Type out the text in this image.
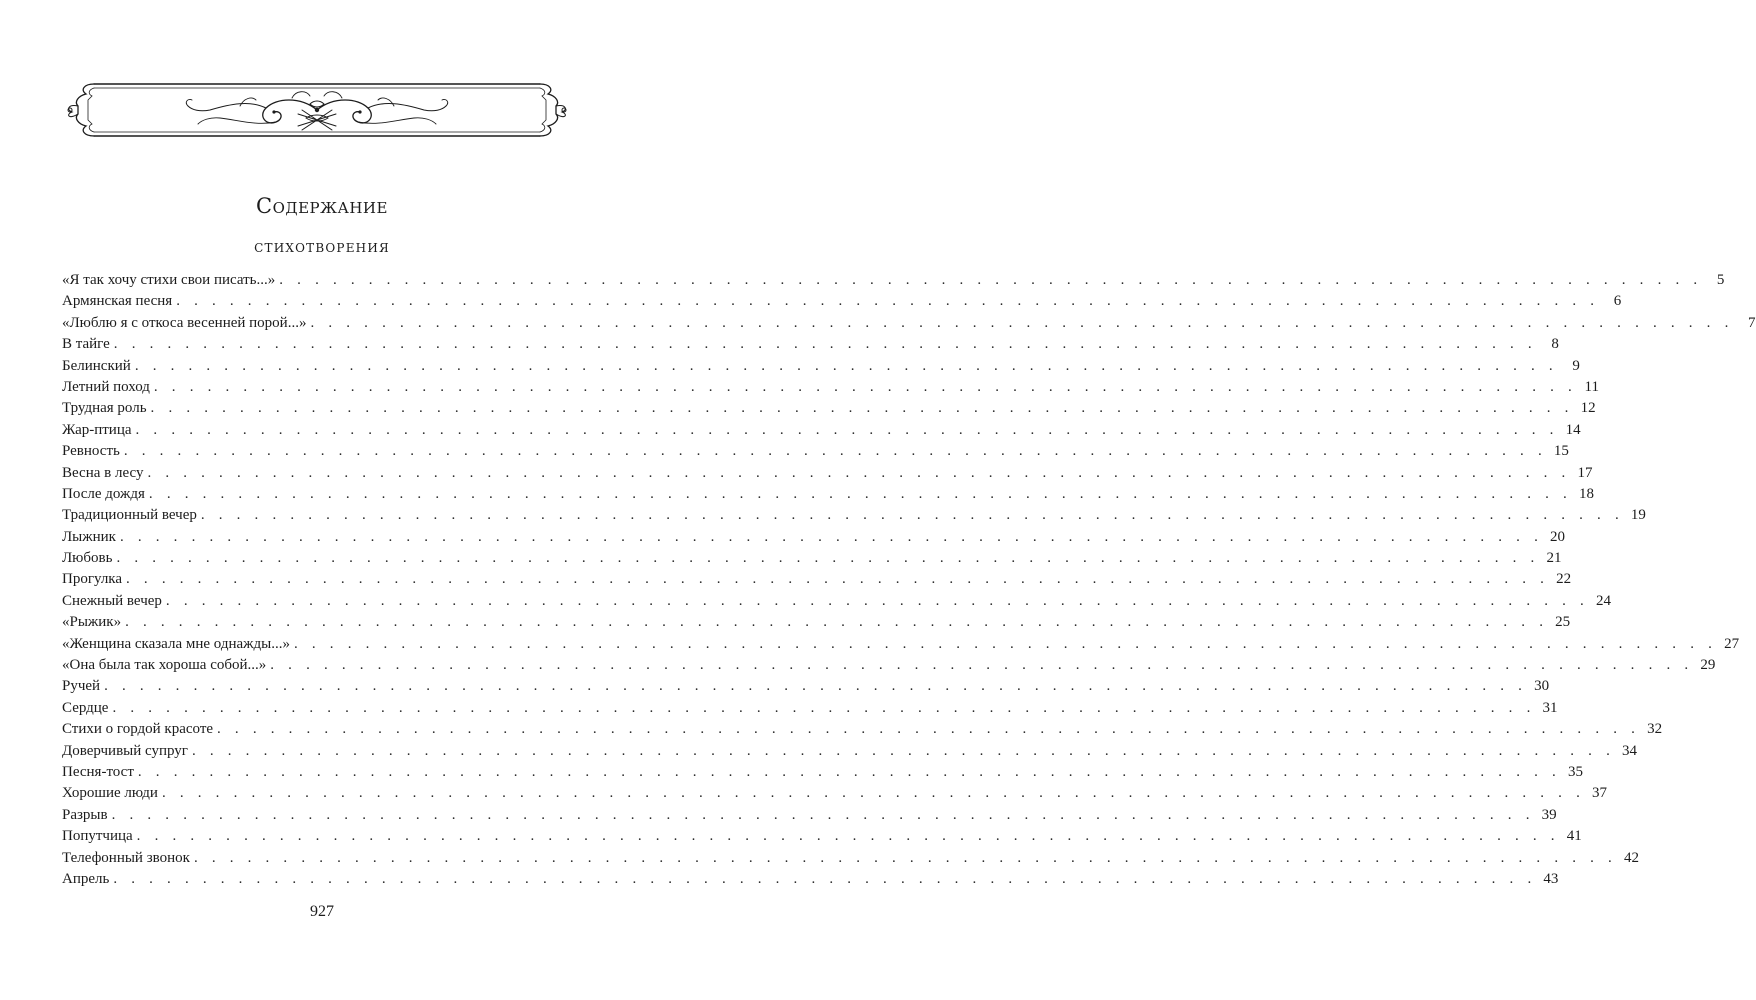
Содержание
стихотворения
«Я так хочу стихи свои писать...» . . . . . . . . . . . . . . . . . . . . . . . . . . . . . . . . . . . . . . . . . . . . . . . . . . . . . . . . . . . . . . . . . . . . . . . . . . . . . . . . 5
Армянская песня . . . . . . . . . . . . . . . . . . . . . . . . . . . . . . . . . . . . . . . . . . . . . . . . . . . . . . . . . . . . . . . . . . . . . . . . . . . . . . . . 6
«Люблю я с откоса весенней порой...» . . . . . . . . . . . . . . . . . . . . . . . . . . . . . . . . . . . . . . . . . . . . . . . . . . . . . . . . . . . . . . . . . . . . . . . . . . . . . . . . 7
В тайге . . . . . . . . . . . . . . . . . . . . . . . . . . . . . . . . . . . . . . . . . . . . . . . . . . . . . . . . . . . . . . . . . . . . . . . . . . . . . . . . 8
Белинский . . . . . . . . . . . . . . . . . . . . . . . . . . . . . . . . . . . . . . . . . . . . . . . . . . . . . . . . . . . . . . . . . . . . . . . . . . . . . . . . 9
Летний поход . . . . . . . . . . . . . . . . . . . . . . . . . . . . . . . . . . . . . . . . . . . . . . . . . . . . . . . . . . . . . . . . . . . . . . . . . . . . . . . . 11
Трудная роль . . . . . . . . . . . . . . . . . . . . . . . . . . . . . . . . . . . . . . . . . . . . . . . . . . . . . . . . . . . . . . . . . . . . . . . . . . . . . . . . 12
Жар-птица . . . . . . . . . . . . . . . . . . . . . . . . . . . . . . . . . . . . . . . . . . . . . . . . . . . . . . . . . . . . . . . . . . . . . . . . . . . . . . . . 14
Ревность . . . . . . . . . . . . . . . . . . . . . . . . . . . . . . . . . . . . . . . . . . . . . . . . . . . . . . . . . . . . . . . . . . . . . . . . . . . . . . . . 15
Весна в лесу . . . . . . . . . . . . . . . . . . . . . . . . . . . . . . . . . . . . . . . . . . . . . . . . . . . . . . . . . . . . . . . . . . . . . . . . . . . . . . . . 17
После дождя . . . . . . . . . . . . . . . . . . . . . . . . . . . . . . . . . . . . . . . . . . . . . . . . . . . . . . . . . . . . . . . . . . . . . . . . . . . . . . . . 18
Традиционный вечер . . . . . . . . . . . . . . . . . . . . . . . . . . . . . . . . . . . . . . . . . . . . . . . . . . . . . . . . . . . . . . . . . . . . . . . . . . . . . . . . 19
Лыжник . . . . . . . . . . . . . . . . . . . . . . . . . . . . . . . . . . . . . . . . . . . . . . . . . . . . . . . . . . . . . . . . . . . . . . . . . . . . . . . . 20
Любовь . . . . . . . . . . . . . . . . . . . . . . . . . . . . . . . . . . . . . . . . . . . . . . . . . . . . . . . . . . . . . . . . . . . . . . . . . . . . . . . . 21
Прогулка . . . . . . . . . . . . . . . . . . . . . . . . . . . . . . . . . . . . . . . . . . . . . . . . . . . . . . . . . . . . . . . . . . . . . . . . . . . . . . . . 22
Снежный вечер . . . . . . . . . . . . . . . . . . . . . . . . . . . . . . . . . . . . . . . . . . . . . . . . . . . . . . . . . . . . . . . . . . . . . . . . . . . . . . . . 24
«Рыжик» . . . . . . . . . . . . . . . . . . . . . . . . . . . . . . . . . . . . . . . . . . . . . . . . . . . . . . . . . . . . . . . . . . . . . . . . . . . . . . . . 25
«Женщина сказала мне однажды...» . . . . . . . . . . . . . . . . . . . . . . . . . . . . . . . . . . . . . . . . . . . . . . . . . . . . . . . . . . . . . . . . . . . . . . . . . . . . . . . . 27
«Она была так хороша собой...» . . . . . . . . . . . . . . . . . . . . . . . . . . . . . . . . . . . . . . . . . . . . . . . . . . . . . . . . . . . . . . . . . . . . . . . . . . . . . . . . 29
Ручей . . . . . . . . . . . . . . . . . . . . . . . . . . . . . . . . . . . . . . . . . . . . . . . . . . . . . . . . . . . . . . . . . . . . . . . . . . . . . . . . 30
Сердце . . . . . . . . . . . . . . . . . . . . . . . . . . . . . . . . . . . . . . . . . . . . . . . . . . . . . . . . . . . . . . . . . . . . . . . . . . . . . . . . 31
Стихи о гордой красоте . . . . . . . . . . . . . . . . . . . . . . . . . . . . . . . . . . . . . . . . . . . . . . . . . . . . . . . . . . . . . . . . . . . . . . . . . . . . . . . . 32
Доверчивый супруг . . . . . . . . . . . . . . . . . . . . . . . . . . . . . . . . . . . . . . . . . . . . . . . . . . . . . . . . . . . . . . . . . . . . . . . . . . . . . . . . 34
Песня-тост . . . . . . . . . . . . . . . . . . . . . . . . . . . . . . . . . . . . . . . . . . . . . . . . . . . . . . . . . . . . . . . . . . . . . . . . . . . . . . . . 35
Хорошие люди . . . . . . . . . . . . . . . . . . . . . . . . . . . . . . . . . . . . . . . . . . . . . . . . . . . . . . . . . . . . . . . . . . . . . . . . . . . . . . . . 37
Разрыв . . . . . . . . . . . . . . . . . . . . . . . . . . . . . . . . . . . . . . . . . . . . . . . . . . . . . . . . . . . . . . . . . . . . . . . . . . . . . . . . 39
Попутчица . . . . . . . . . . . . . . . . . . . . . . . . . . . . . . . . . . . . . . . . . . . . . . . . . . . . . . . . . . . . . . . . . . . . . . . . . . . . . . . . 41
Телефонный звонок . . . . . . . . . . . . . . . . . . . . . . . . . . . . . . . . . . . . . . . . . . . . . . . . . . . . . . . . . . . . . . . . . . . . . . . . . . . . . . . . 42
Апрель . . . . . . . . . . . . . . . . . . . . . . . . . . . . . . . . . . . . . . . . . . . . . . . . . . . . . . . . . . . . . . . . . . . . . . . . . . . . . . . . 43
927
